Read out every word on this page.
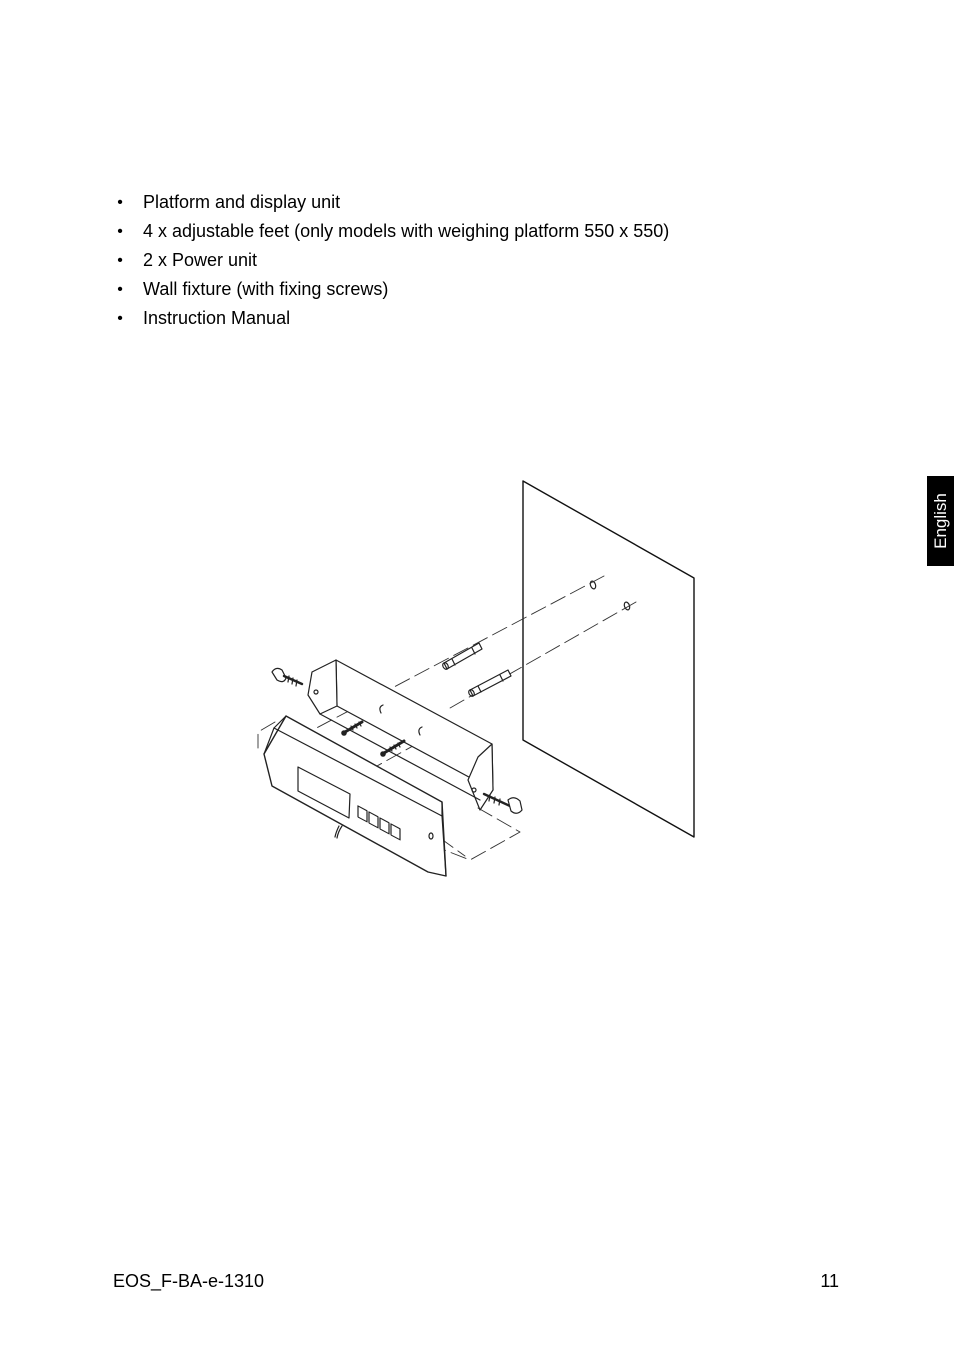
• Platform and display unit
• 4 x adjustable feet (only models with weighing platform 550 x 550)
• 2 x Power unit
• Wall fixture (with fixing screws)
• Instruction Manual
English
EOS_F-BA-e-1310	11
